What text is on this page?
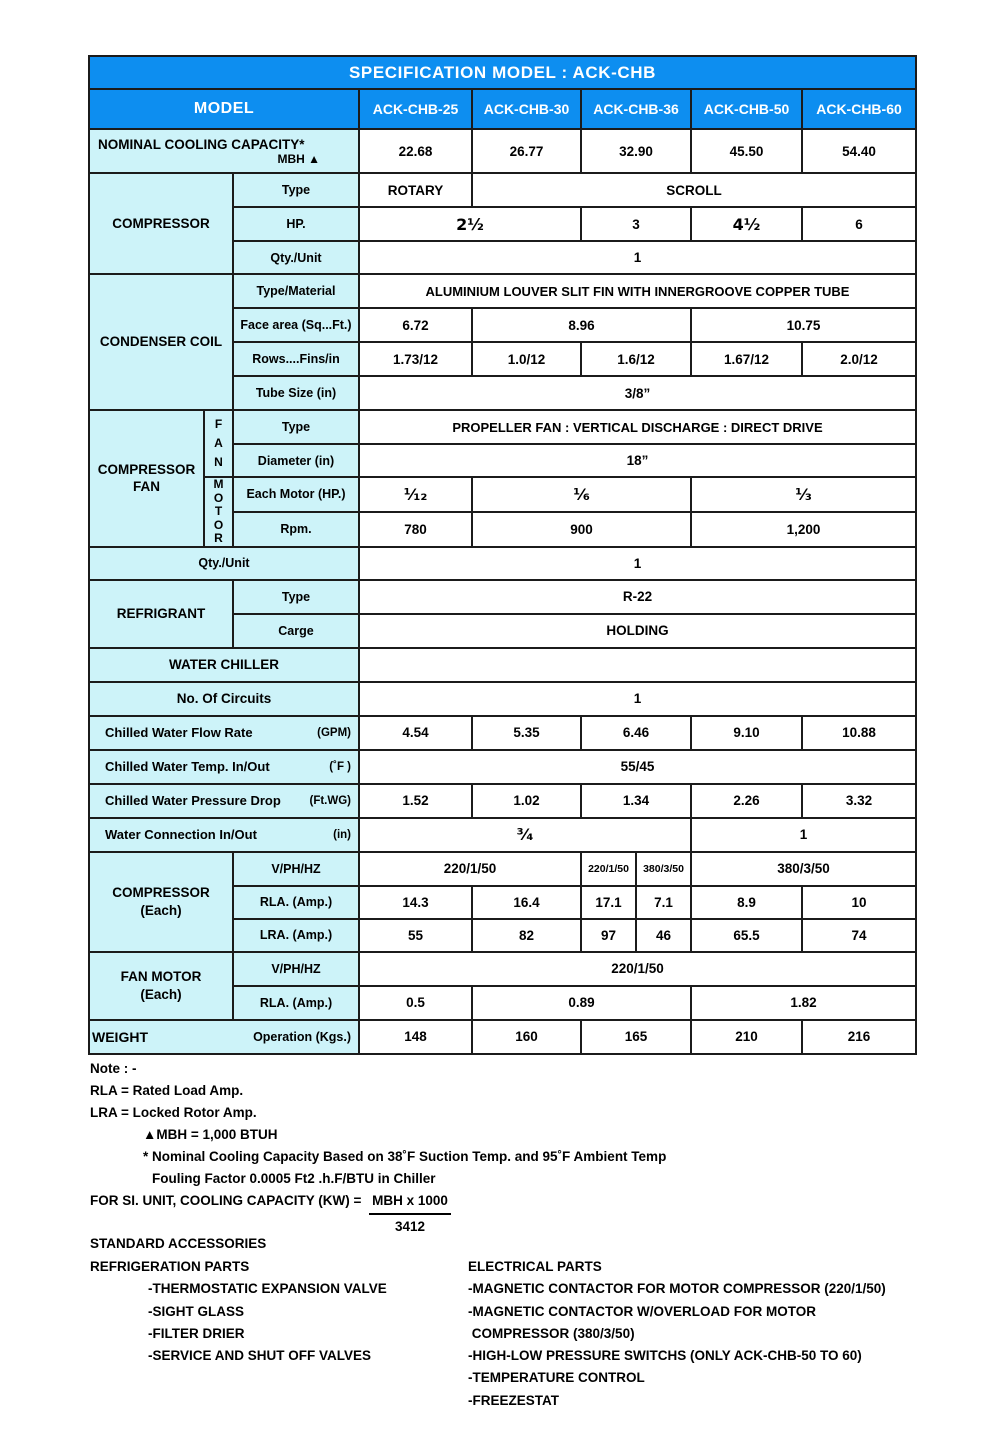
SPECIFICATION MODEL : ACK-CHB								
MODEL			ACK-CHB-25	ACK-CHB-30	ACK-CHB-36		ACK-CHB-50	ACK-CHB-60

NOMINAL COOLING CAPACITY*
MBH ▲			22.68	26.77	32.90		45.50	54.40
COMPRESSOR		Type	ROTARY	SCROLL				
		HP.	2½		3		4½	6
		Qty./Unit	1					
CONDENSER COIL		Type/Material	ALUMINIUM LOUVER SLIT FIN WITH INNERGROOVE COPPER TUBE					
		Face area (Sq...Ft.)	6.72	8.96			10.75	
		Rows....Fins/in	1.73/12	1.0/12	1.6/12		1.67/12	2.0/12
		Tube Size (in)	3/8”					
COMPRESSOR FAN	F A N	Type	PROPELLER FAN : VERTICAL DISCHARGE : DIRECT DRIVE					
		Diameter (in)	18”					

	M O T O R	Each Motor (HP.)	¹⁄₁₂	¹⁄₆			¹⁄₃	
		Rpm.	780	900			1,200	
Qty./Unit			1					
REFRIGRANT		Type	R-22					
		Carge	HOLDING					
WATER CHILLER								
No. Of Circuits			1					

Chilled Water Flow Rate (GPM)			4.54	5.35	6.46		9.10	10.88

Chilled Water Temp. In/Out (˚F )			55/45					

Chilled Water Pressure Drop (Ft.WG)			1.52	1.02	1.34		2.26	3.32

Water Connection In/Out (in)			³⁄₄				1	

COMPRESSOR
(Each)		V/PH/HZ	220/1/50		220/1/50	380/3/50	380/3/50	
		RLA. (Amp.)	14.3	16.4	17.1	7.1	8.9	10
		LRA. (Amp.)	55	82	97	46	65.5	74

FAN MOTOR
(Each)		V/PH/HZ	220/1/50					
		RLA. (Amp.)	0.5	0.89			1.82	

WEIGHT Operation (Kgs.)			148	160	165		210	216
Note : -
RLA = Rated Load Amp.
LRA = Locked Rotor Amp.
▲MBH = 1,000 BTUH
* Nominal Cooling Capacity Based on 38˚F Suction Temp. and 95˚F Ambient Temp
Fouling Factor 0.0005 Ft2 .h.F/BTU in Chiller
FOR SI. UNIT, COOLING CAPACITY $(KW) = \frac{\text{MBH x 1000}}{3412}$
STANDARD ACCESSORIES
REFRIGERATION PARTS
-THERMOSTATIC EXPANSION VALVE
-SIGHT GLASS
-FILTER DRIER
-SERVICE AND SHUT OFF VALVES
ELECTRICAL PARTS
-MAGNETIC CONTACTOR FOR MOTOR COMPRESSOR (220/1/50)
-MAGNETIC CONTACTOR W/OVERLOAD FOR MOTOR
COMPRESSOR (380/3/50)
-HIGH-LOW PRESSURE SWITCHS (ONLY ACK-CHB-50 TO 60)
-TEMPERATURE CONTROL
-FREEZESTAT
